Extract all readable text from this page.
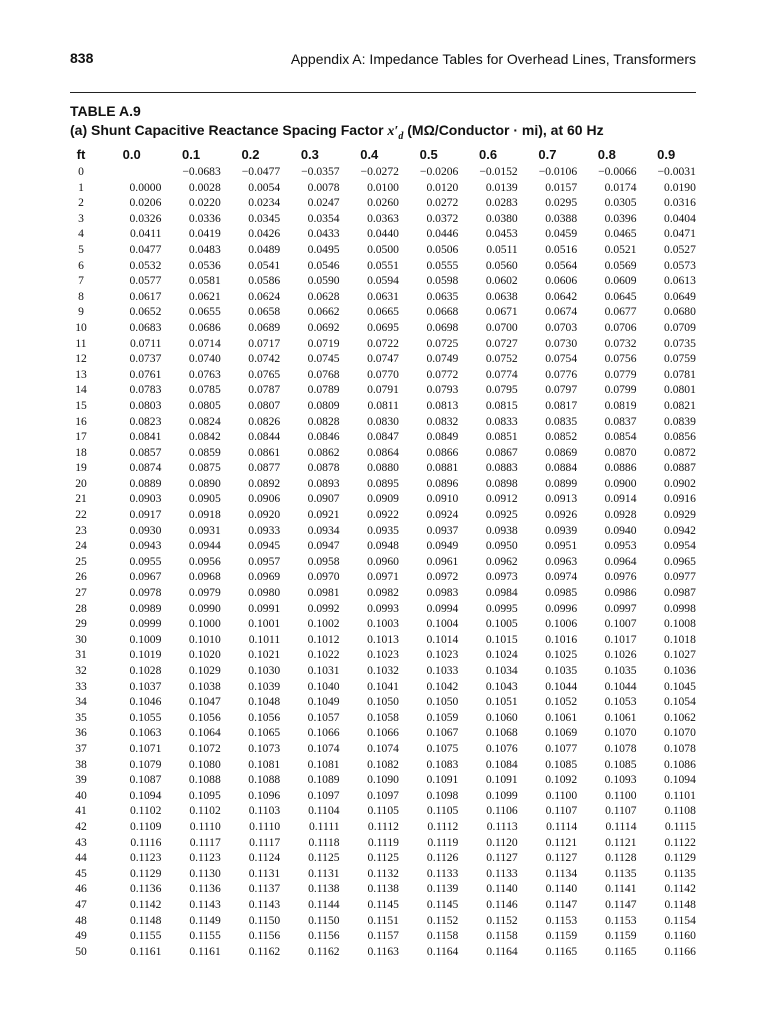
838	Appendix A: Impedance Tables for Overhead Lines, Transformers
TABLE A.9
(a) Shunt Capacitive Reactance Spacing Factor $x'_d$ (MΩ/Conductor · mi), at 60 Hz
ft	0.0	0.1	0.2	0.3	0.4	0.5	0.6	0.7	0.8	0.9
0		−0.0683	−0.0477	−0.0357	−0.0272	−0.0206	−0.0152	−0.0106	−0.0066	−0.0031
1	0.0000	0.0028	0.0054	0.0078	0.0100	0.0120	0.0139	0.0157	0.0174	0.0190
2	0.0206	0.0220	0.0234	0.0247	0.0260	0.0272	0.0283	0.0295	0.0305	0.0316
3	0.0326	0.0336	0.0345	0.0354	0.0363	0.0372	0.0380	0.0388	0.0396	0.0404
4	0.0411	0.0419	0.0426	0.0433	0.0440	0.0446	0.0453	0.0459	0.0465	0.0471
5	0.0477	0.0483	0.0489	0.0495	0.0500	0.0506	0.0511	0.0516	0.0521	0.0527
6	0.0532	0.0536	0.0541	0.0546	0.0551	0.0555	0.0560	0.0564	0.0569	0.0573
7	0.0577	0.0581	0.0586	0.0590	0.0594	0.0598	0.0602	0.0606	0.0609	0.0613
8	0.0617	0.0621	0.0624	0.0628	0.0631	0.0635	0.0638	0.0642	0.0645	0.0649
9	0.0652	0.0655	0.0658	0.0662	0.0665	0.0668	0.0671	0.0674	0.0677	0.0680
10	0.0683	0.0686	0.0689	0.0692	0.0695	0.0698	0.0700	0.0703	0.0706	0.0709
11	0.0711	0.0714	0.0717	0.0719	0.0722	0.0725	0.0727	0.0730	0.0732	0.0735
12	0.0737	0.0740	0.0742	0.0745	0.0747	0.0749	0.0752	0.0754	0.0756	0.0759
13	0.0761	0.0763	0.0765	0.0768	0.0770	0.0772	0.0774	0.0776	0.0779	0.0781
14	0.0783	0.0785	0.0787	0.0789	0.0791	0.0793	0.0795	0.0797	0.0799	0.0801
15	0.0803	0.0805	0.0807	0.0809	0.0811	0.0813	0.0815	0.0817	0.0819	0.0821
16	0.0823	0.0824	0.0826	0.0828	0.0830	0.0832	0.0833	0.0835	0.0837	0.0839
17	0.0841	0.0842	0.0844	0.0846	0.0847	0.0849	0.0851	0.0852	0.0854	0.0856
18	0.0857	0.0859	0.0861	0.0862	0.0864	0.0866	0.0867	0.0869	0.0870	0.0872
19	0.0874	0.0875	0.0877	0.0878	0.0880	0.0881	0.0883	0.0884	0.0886	0.0887
20	0.0889	0.0890	0.0892	0.0893	0.0895	0.0896	0.0898	0.0899	0.0900	0.0902
21	0.0903	0.0905	0.0906	0.0907	0.0909	0.0910	0.0912	0.0913	0.0914	0.0916
22	0.0917	0.0918	0.0920	0.0921	0.0922	0.0924	0.0925	0.0926	0.0928	0.0929
23	0.0930	0.0931	0.0933	0.0934	0.0935	0.0937	0.0938	0.0939	0.0940	0.0942
24	0.0943	0.0944	0.0945	0.0947	0.0948	0.0949	0.0950	0.0951	0.0953	0.0954
25	0.0955	0.0956	0.0957	0.0958	0.0960	0.0961	0.0962	0.0963	0.0964	0.0965
26	0.0967	0.0968	0.0969	0.0970	0.0971	0.0972	0.0973	0.0974	0.0976	0.0977
27	0.0978	0.0979	0.0980	0.0981	0.0982	0.0983	0.0984	0.0985	0.0986	0.0987
28	0.0989	0.0990	0.0991	0.0992	0.0993	0.0994	0.0995	0.0996	0.0997	0.0998
29	0.0999	0.1000	0.1001	0.1002	0.1003	0.1004	0.1005	0.1006	0.1007	0.1008
30	0.1009	0.1010	0.1011	0.1012	0.1013	0.1014	0.1015	0.1016	0.1017	0.1018
31	0.1019	0.1020	0.1021	0.1022	0.1023	0.1023	0.1024	0.1025	0.1026	0.1027
32	0.1028	0.1029	0.1030	0.1031	0.1032	0.1033	0.1034	0.1035	0.1035	0.1036
33	0.1037	0.1038	0.1039	0.1040	0.1041	0.1042	0.1043	0.1044	0.1044	0.1045
34	0.1046	0.1047	0.1048	0.1049	0.1050	0.1050	0.1051	0.1052	0.1053	0.1054
35	0.1055	0.1056	0.1056	0.1057	0.1058	0.1059	0.1060	0.1061	0.1061	0.1062
36	0.1063	0.1064	0.1065	0.1066	0.1066	0.1067	0.1068	0.1069	0.1070	0.1070
37	0.1071	0.1072	0.1073	0.1074	0.1074	0.1075	0.1076	0.1077	0.1078	0.1078
38	0.1079	0.1080	0.1081	0.1081	0.1082	0.1083	0.1084	0.1085	0.1085	0.1086
39	0.1087	0.1088	0.1088	0.1089	0.1090	0.1091	0.1091	0.1092	0.1093	0.1094
40	0.1094	0.1095	0.1096	0.1097	0.1097	0.1098	0.1099	0.1100	0.1100	0.1101
41	0.1102	0.1102	0.1103	0.1104	0.1105	0.1105	0.1106	0.1107	0.1107	0.1108
42	0.1109	0.1110	0.1110	0.1111	0.1112	0.1112	0.1113	0.1114	0.1114	0.1115
43	0.1116	0.1117	0.1117	0.1118	0.1119	0.1119	0.1120	0.1121	0.1121	0.1122
44	0.1123	0.1123	0.1124	0.1125	0.1125	0.1126	0.1127	0.1127	0.1128	0.1129
45	0.1129	0.1130	0.1131	0.1131	0.1132	0.1133	0.1133	0.1134	0.1135	0.1135
46	0.1136	0.1136	0.1137	0.1138	0.1138	0.1139	0.1140	0.1140	0.1141	0.1142
47	0.1142	0.1143	0.1143	0.1144	0.1145	0.1145	0.1146	0.1147	0.1147	0.1148
48	0.1148	0.1149	0.1150	0.1150	0.1151	0.1152	0.1152	0.1153	0.1153	0.1154
49	0.1155	0.1155	0.1156	0.1156	0.1157	0.1158	0.1158	0.1159	0.1159	0.1160
50	0.1161	0.1161	0.1162	0.1162	0.1163	0.1164	0.1164	0.1165	0.1165	0.1166
